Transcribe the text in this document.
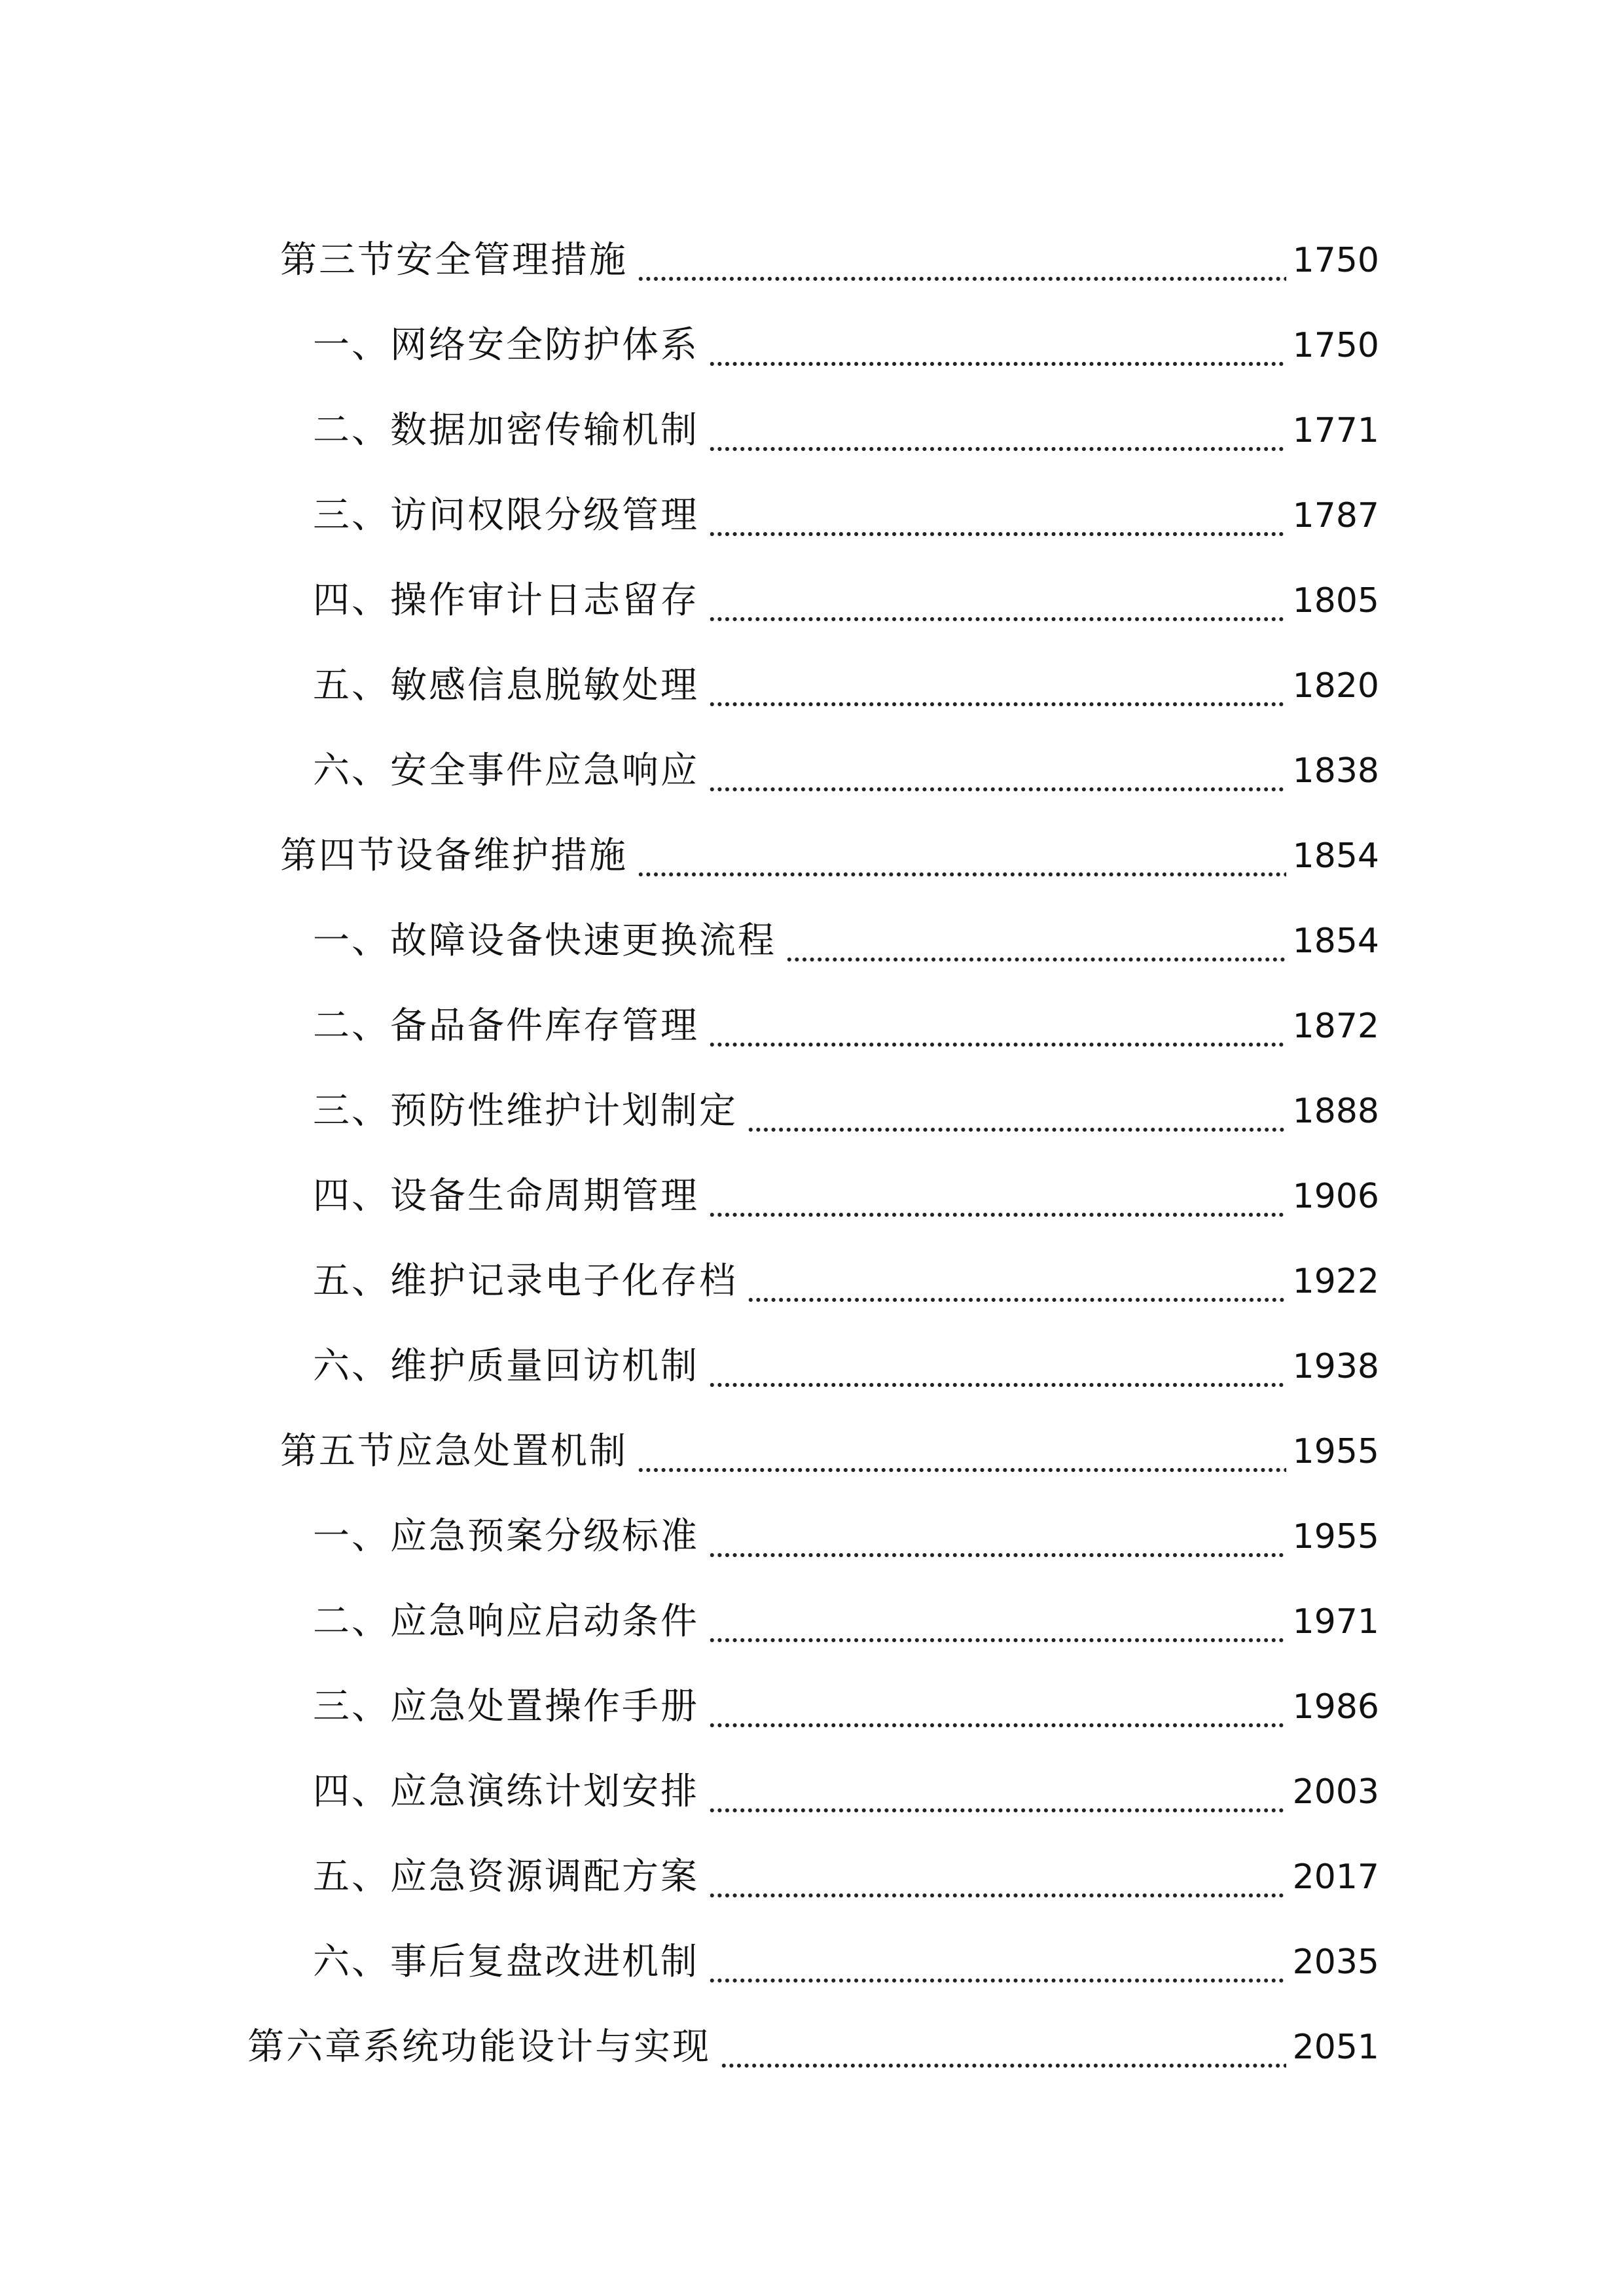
第三节安全管理措施	1750
一、网络安全防护体系	1750
二、数据加密传输机制	1771
三、访问权限分级管理	1787
四、操作审计日志留存	1805
五、敏感信息脱敏处理	1820
六、安全事件应急响应	1838
第四节设备维护措施	1854
一、故障设备快速更换流程	1854
二、备品备件库存管理	1872
三、预防性维护计划制定	1888
四、设备生命周期管理	1906
五、维护记录电子化存档	1922
六、维护质量回访机制	1938
第五节应急处置机制	1955
一、应急预案分级标准	1955
二、应急响应启动条件	1971
三、应急处置操作手册	1986
四、应急演练计划安排	2003
五、应急资源调配方案	2017
六、事后复盘改进机制	2035
第六章系统功能设计与实现	2051
